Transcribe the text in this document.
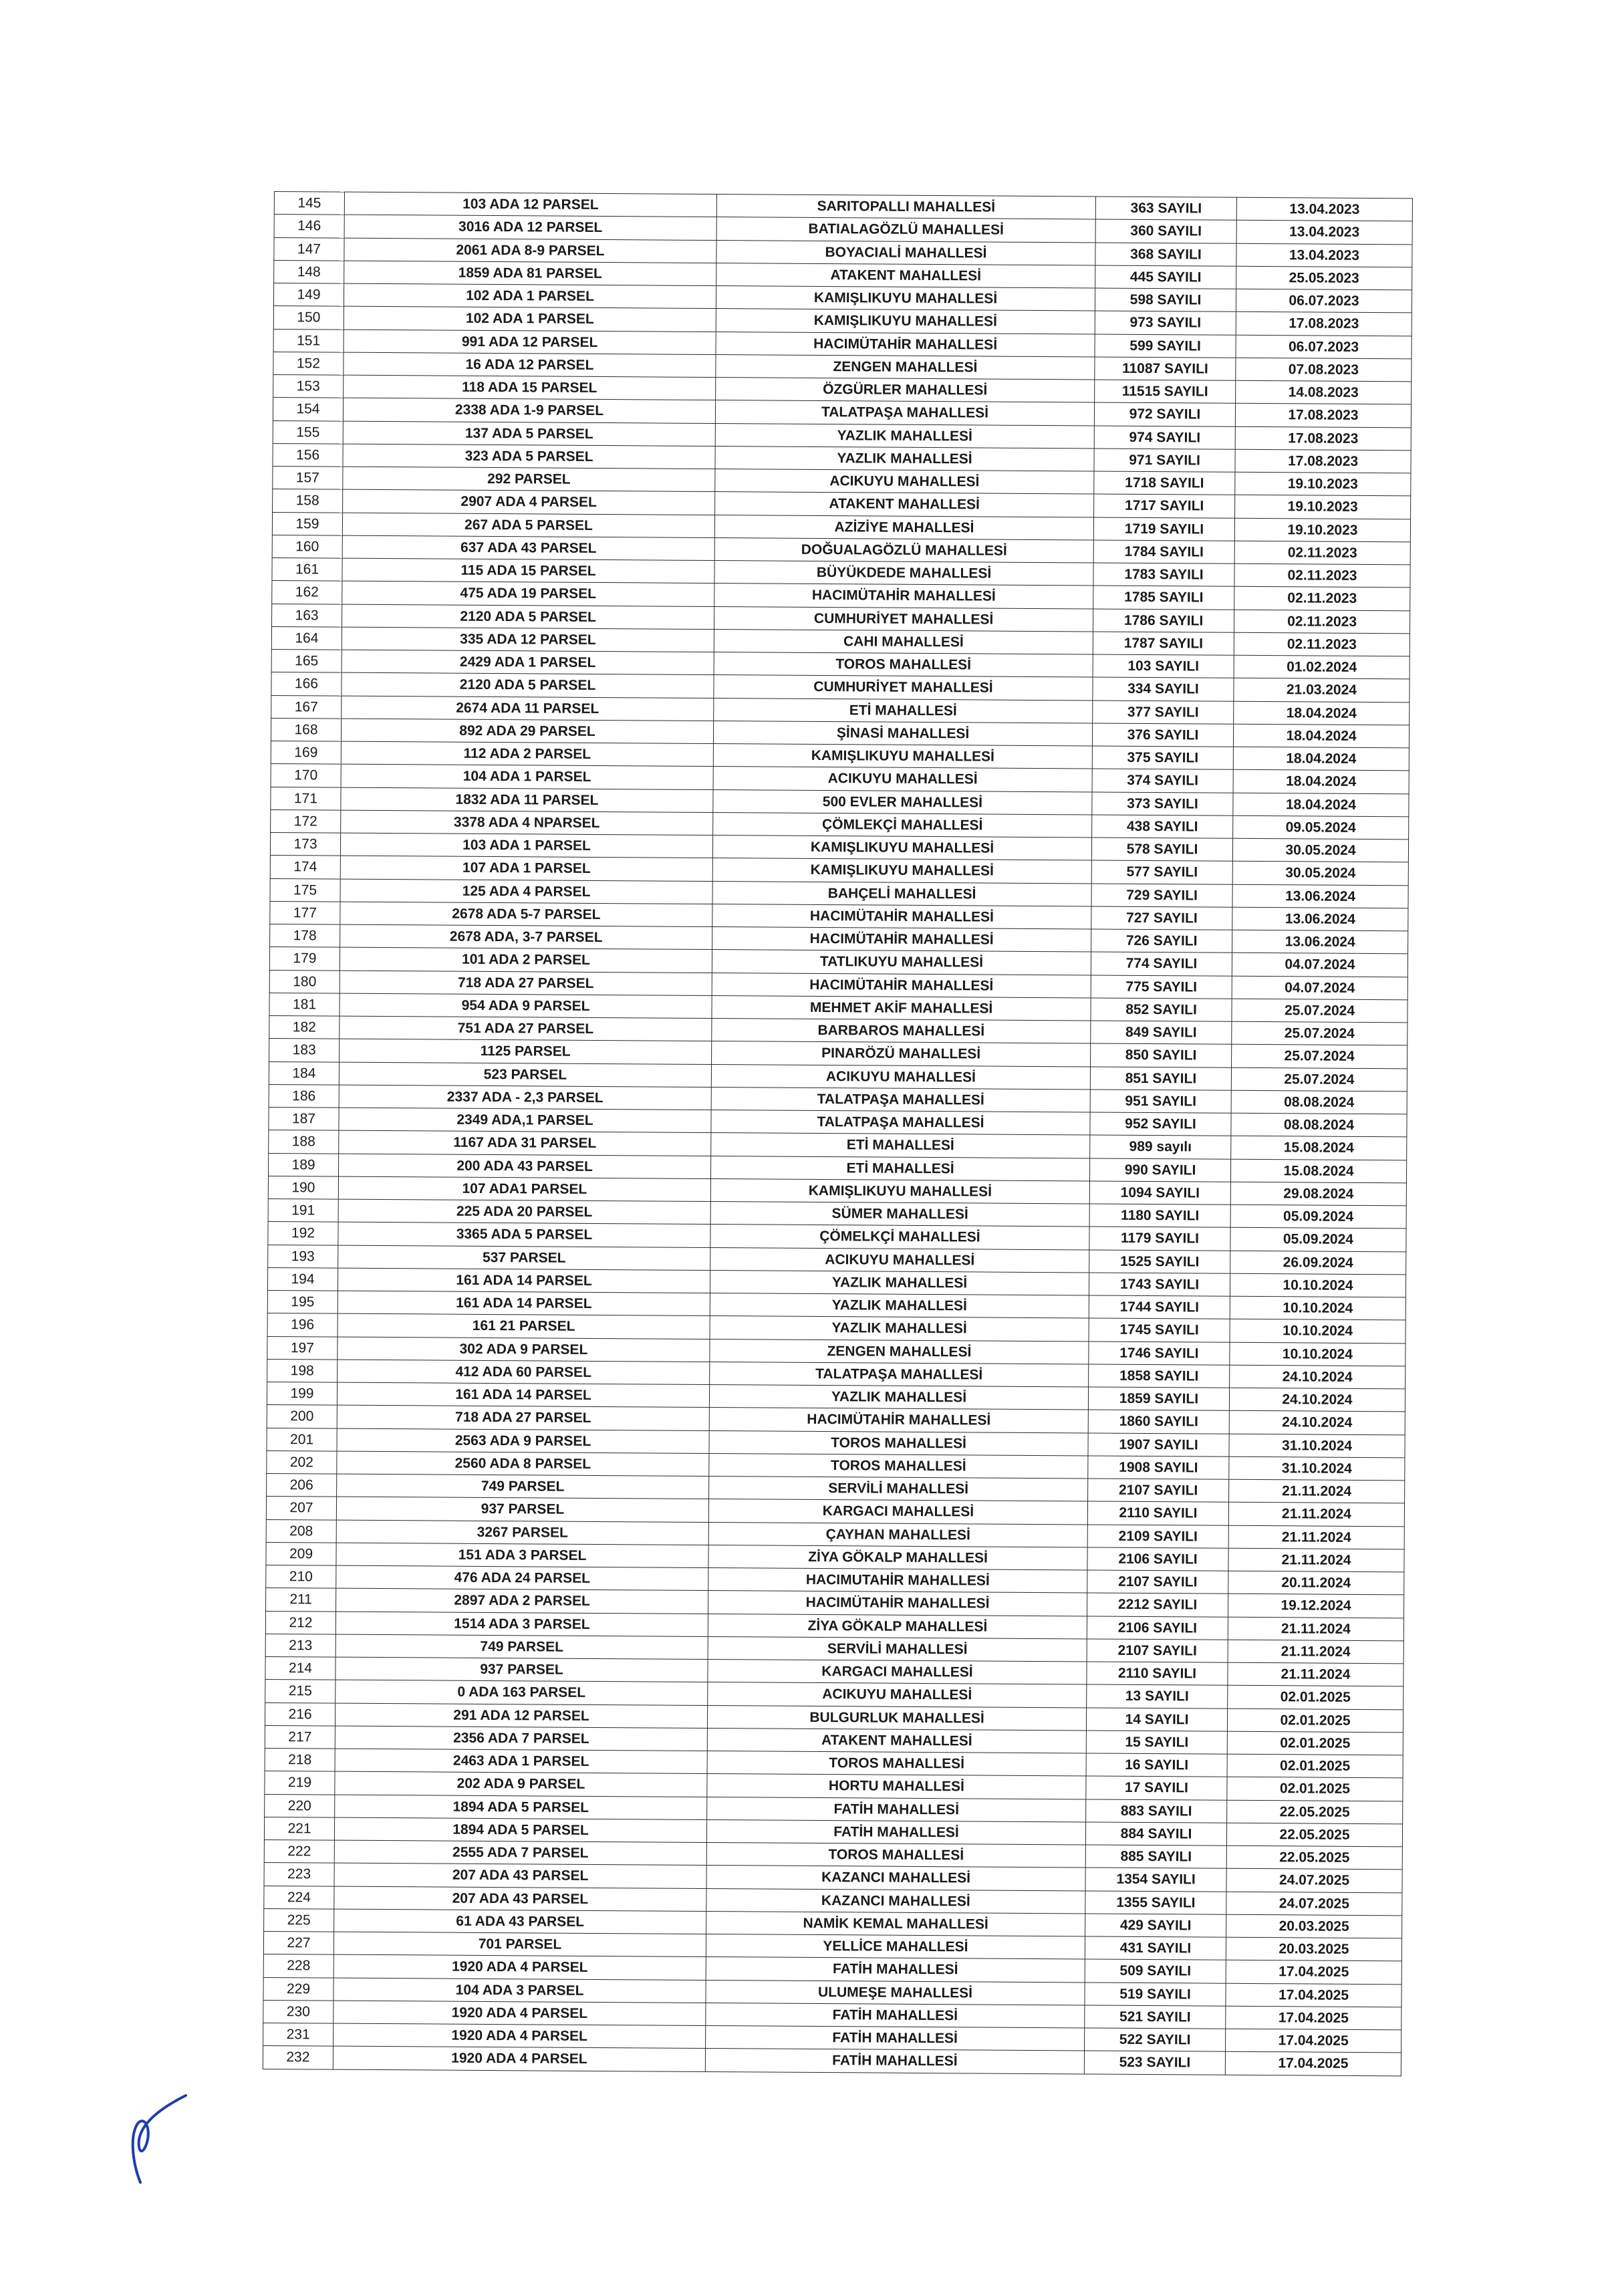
145	103 ADA 12 PARSEL	SARITOPALLI MAHALLESİ	363 SAYILI	13.04.2023
146	3016 ADA 12 PARSEL	BATIALAGÖZLÜ MAHALLESİ	360 SAYILI	13.04.2023
147	2061 ADA 8-9 PARSEL	BOYACIALİ MAHALLESİ	368 SAYILI	13.04.2023
148	1859 ADA 81 PARSEL	ATAKENT MAHALLESİ	445 SAYILI	25.05.2023
149	102 ADA 1 PARSEL	KAMIŞLIKUYU MAHALLESİ	598 SAYILI	06.07.2023
150	102 ADA 1 PARSEL	KAMIŞLIKUYU MAHALLESİ	973 SAYILI	17.08.2023
151	991 ADA 12 PARSEL	HACIMÜTAHİR MAHALLESİ	599 SAYILI	06.07.2023
152	16 ADA 12 PARSEL	ZENGEN MAHALLESİ	11087 SAYILI	07.08.2023
153	118 ADA 15 PARSEL	ÖZGÜRLER MAHALLESİ	11515 SAYILI	14.08.2023
154	2338 ADA 1-9 PARSEL	TALATPAŞA MAHALLESİ	972 SAYILI	17.08.2023
155	137 ADA 5 PARSEL	YAZLIK MAHALLESİ	974 SAYILI	17.08.2023
156	323 ADA 5 PARSEL	YAZLIK MAHALLESİ	971 SAYILI	17.08.2023
157	292 PARSEL	ACIKUYU MAHALLESİ	1718 SAYILI	19.10.2023
158	2907 ADA 4 PARSEL	ATAKENT MAHALLESİ	1717 SAYILI	19.10.2023
159	267 ADA 5 PARSEL	AZİZİYE MAHALLESİ	1719 SAYILI	19.10.2023
160	637 ADA 43 PARSEL	DOĞUALAGÖZLÜ MAHALLESİ	1784 SAYILI	02.11.2023
161	115 ADA 15 PARSEL	BÜYÜKDEDE MAHALLESİ	1783 SAYILI	02.11.2023
162	475 ADA 19 PARSEL	HACIMÜTAHİR MAHALLESİ	1785 SAYILI	02.11.2023
163	2120 ADA 5 PARSEL	CUMHURİYET MAHALLESİ	1786 SAYILI	02.11.2023
164	335 ADA 12 PARSEL	CAHI MAHALLESİ	1787 SAYILI	02.11.2023
165	2429 ADA 1 PARSEL	TOROS MAHALLESİ	103 SAYILI	01.02.2024
166	2120 ADA 5 PARSEL	CUMHURİYET MAHALLESİ	334 SAYILI	21.03.2024
167	2674 ADA 11 PARSEL	ETİ MAHALLESİ	377 SAYILI	18.04.2024
168	892 ADA 29 PARSEL	ŞİNASİ MAHALLESİ	376 SAYILI	18.04.2024
169	112 ADA 2 PARSEL	KAMIŞLIKUYU MAHALLESİ	375 SAYILI	18.04.2024
170	104 ADA 1 PARSEL	ACIKUYU MAHALLESİ	374 SAYILI	18.04.2024
171	1832 ADA 11 PARSEL	500 EVLER MAHALLESİ	373 SAYILI	18.04.2024
172	3378 ADA 4 NPARSEL	ÇÖMLEKÇİ MAHALLESİ	438 SAYILI	09.05.2024
173	103 ADA 1 PARSEL	KAMIŞLIKUYU MAHALLESİ	578 SAYILI	30.05.2024
174	107 ADA 1 PARSEL	KAMIŞLIKUYU MAHALLESİ	577 SAYILI	30.05.2024
175	125 ADA 4 PARSEL	BAHÇELİ MAHALLESİ	729 SAYILI	13.06.2024
177	2678 ADA 5-7 PARSEL	HACIMÜTAHİR MAHALLESİ	727 SAYILI	13.06.2024
178	2678 ADA, 3-7 PARSEL	HACIMÜTAHİR MAHALLESİ	726 SAYILI	13.06.2024
179	101 ADA 2 PARSEL	TATLIKUYU MAHALLESİ	774 SAYILI	04.07.2024
180	718 ADA 27 PARSEL	HACIMÜTAHİR MAHALLESİ	775 SAYILI	04.07.2024
181	954 ADA 9 PARSEL	MEHMET AKİF MAHALLESİ	852 SAYILI	25.07.2024
182	751 ADA 27 PARSEL	BARBAROS MAHALLESİ	849 SAYILI	25.07.2024
183	1125 PARSEL	PINARÖZÜ MAHALLESİ	850 SAYILI	25.07.2024
184	523 PARSEL	ACIKUYU MAHALLESİ	851 SAYILI	25.07.2024
186	2337 ADA - 2,3 PARSEL	TALATPAŞA MAHALLESİ	951 SAYILI	08.08.2024
187	2349 ADA,1 PARSEL	TALATPAŞA MAHALLESİ	952 SAYILI	08.08.2024
188	1167 ADA 31 PARSEL	ETİ MAHALLESİ	989 sayılı	15.08.2024
189	200 ADA 43 PARSEL	ETİ MAHALLESİ	990 SAYILI	15.08.2024
190	107 ADA1 PARSEL	KAMIŞLIKUYU MAHALLESİ	1094 SAYILI	29.08.2024
191	225 ADA 20 PARSEL	SÜMER MAHALLESİ	1180 SAYILI	05.09.2024
192	3365 ADA 5 PARSEL	ÇÖMELKÇİ MAHALLESİ	1179 SAYILI	05.09.2024
193	537 PARSEL	ACIKUYU MAHALLESİ	1525 SAYILI	26.09.2024
194	161 ADA 14 PARSEL	YAZLIK MAHALLESİ	1743 SAYILI	10.10.2024
195	161 ADA 14 PARSEL	YAZLIK MAHALLESİ	1744 SAYILI	10.10.2024
196	161 21 PARSEL	YAZLIK MAHALLESİ	1745 SAYILI	10.10.2024
197	302 ADA 9 PARSEL	ZENGEN MAHALLESİ	1746 SAYILI	10.10.2024
198	412 ADA 60 PARSEL	TALATPAŞA MAHALLESİ	1858 SAYILI	24.10.2024
199	161 ADA 14 PARSEL	YAZLIK MAHALLESİ	1859 SAYILI	24.10.2024
200	718 ADA 27 PARSEL	HACIMÜTAHİR MAHALLESİ	1860 SAYILI	24.10.2024
201	2563 ADA 9 PARSEL	TOROS MAHALLESİ	1907 SAYILI	31.10.2024
202	2560 ADA 8 PARSEL	TOROS MAHALLESİ	1908 SAYILI	31.10.2024
206	749 PARSEL	SERVİLİ MAHALLESİ	2107 SAYILI	21.11.2024
207	937 PARSEL	KARGACI MAHALLESİ	2110 SAYILI	21.11.2024
208	3267 PARSEL	ÇAYHAN MAHALLESİ	2109 SAYILI	21.11.2024
209	151 ADA 3 PARSEL	ZİYA GÖKALP MAHALLESİ	2106 SAYILI	21.11.2024
210	476 ADA 24 PARSEL	HACIMUTAHİR MAHALLESİ	2107 SAYILI	20.11.2024
211	2897 ADA 2 PARSEL	HACIMÜTAHİR MAHALLESİ	2212 SAYILI	19.12.2024
212	1514 ADA 3 PARSEL	ZİYA GÖKALP MAHALLESİ	2106 SAYILI	21.11.2024
213	749 PARSEL	SERVİLİ MAHALLESİ	2107 SAYILI	21.11.2024
214	937 PARSEL	KARGACI MAHALLESİ	2110 SAYILI	21.11.2024
215	0 ADA 163 PARSEL	ACIKUYU MAHALLESİ	13 SAYILI	02.01.2025
216	291 ADA 12 PARSEL	BULGURLUK MAHALLESİ	14 SAYILI	02.01.2025
217	2356 ADA 7 PARSEL	ATAKENT MAHALLESİ	15 SAYILI	02.01.2025
218	2463 ADA 1 PARSEL	TOROS MAHALLESİ	16 SAYILI	02.01.2025
219	202 ADA 9 PARSEL	HORTU MAHALLESİ	17 SAYILI	02.01.2025
220	1894 ADA 5 PARSEL	FATİH MAHALLESİ	883 SAYILI	22.05.2025
221	1894 ADA 5 PARSEL	FATİH MAHALLESİ	884 SAYILI	22.05.2025
222	2555 ADA 7 PARSEL	TOROS MAHALLESİ	885 SAYILI	22.05.2025
223	207 ADA 43 PARSEL	KAZANCI MAHALLESİ	1354 SAYILI	24.07.2025
224	207 ADA 43 PARSEL	KAZANCI MAHALLESİ	1355 SAYILI	24.07.2025
225	61 ADA 43 PARSEL	NAMİK KEMAL MAHALLESİ	429 SAYILI	20.03.2025
227	701 PARSEL	YELLİCE MAHALLESİ	431 SAYILI	20.03.2025
228	1920 ADA 4 PARSEL	FATİH MAHALLESİ	509 SAYILI	17.04.2025
229	104 ADA 3 PARSEL	ULUMEŞE MAHALLESİ	519 SAYILI	17.04.2025
230	1920 ADA 4 PARSEL	FATİH MAHALLESİ	521 SAYILI	17.04.2025
231	1920 ADA 4 PARSEL	FATİH MAHALLESİ	522 SAYILI	17.04.2025
232	1920 ADA 4 PARSEL	FATİH MAHALLESİ	523 SAYILI	17.04.2025
